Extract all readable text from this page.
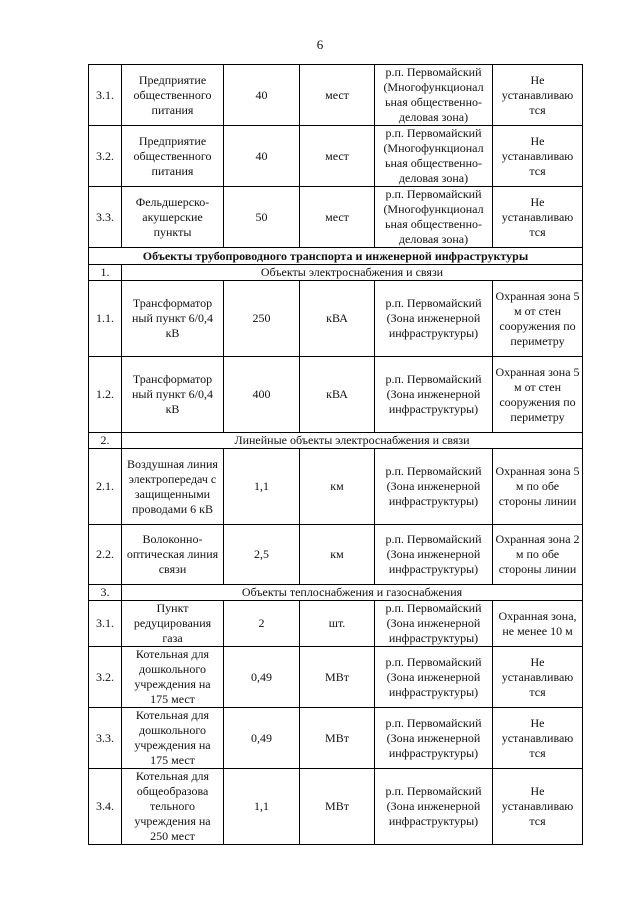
6
3.1.	Предприятие общественного питания	40	мест	р.п. Первомайский (Многофункционал ьная общественно-деловая зона)	Не устанавливаю тся
3.2.	Предприятие общественного питания	40	мест	р.п. Первомайский (Многофункционал ьная общественно-деловая зона)	Не устанавливаю тся
3.3.	Фельдшерско-акушерские пункты	50	мест	р.п. Первомайский (Многофункционал ьная общественно-деловая зона)	Не устанавливаю тся
Объекты трубопроводного транспорта и инженерной инфраструктуры					
1.	Объекты электроснабжения и связи				
1.1.	Трансформатор ный пункт 6/0,4 кВ	250	кВА	р.п. Первомайский (Зона инженерной инфраструктуры)	Охранная зона 5 м от стен сооружения по периметру
1.2.	Трансформатор ный пункт 6/0,4 кВ	400	кВА	р.п. Первомайский (Зона инженерной инфраструктуры)	Охранная зона 5 м от стен сооружения по периметру
2.	Линейные объекты электроснабжения и связи				
2.1.	Воздушная линия электропередач с защищенными проводами 6 кВ	1,1	км	р.п. Первомайский (Зона инженерной инфраструктуры)	Охранная зона 5 м по обе стороны линии
2.2.	Волоконно-оптическая линия связи	2,5	км	р.п. Первомайский (Зона инженерной инфраструктуры)	Охранная зона 2 м по обе стороны линии
3.	Объекты теплоснабжения и газоснабжения				
3.1.	Пункт редуцирования газа	2	шт.	р.п. Первомайский (Зона инженерной инфраструктуры)	Охранная зона, не менее 10 м
3.2.	Котельная для дошкольного учреждения на 175 мест	0,49	МВт	р.п. Первомайский (Зона инженерной инфраструктуры)	Не устанавливаю тся
3.3.	Котельная для дошкольного учреждения на 175 мест	0,49	МВт	р.п. Первомайский (Зона инженерной инфраструктуры)	Не устанавливаю тся
3.4.	Котельная для общеобразова тельного учреждения на 250 мест	1,1	МВт	р.п. Первомайский (Зона инженерной инфраструктуры)	Не устанавливаю тся
